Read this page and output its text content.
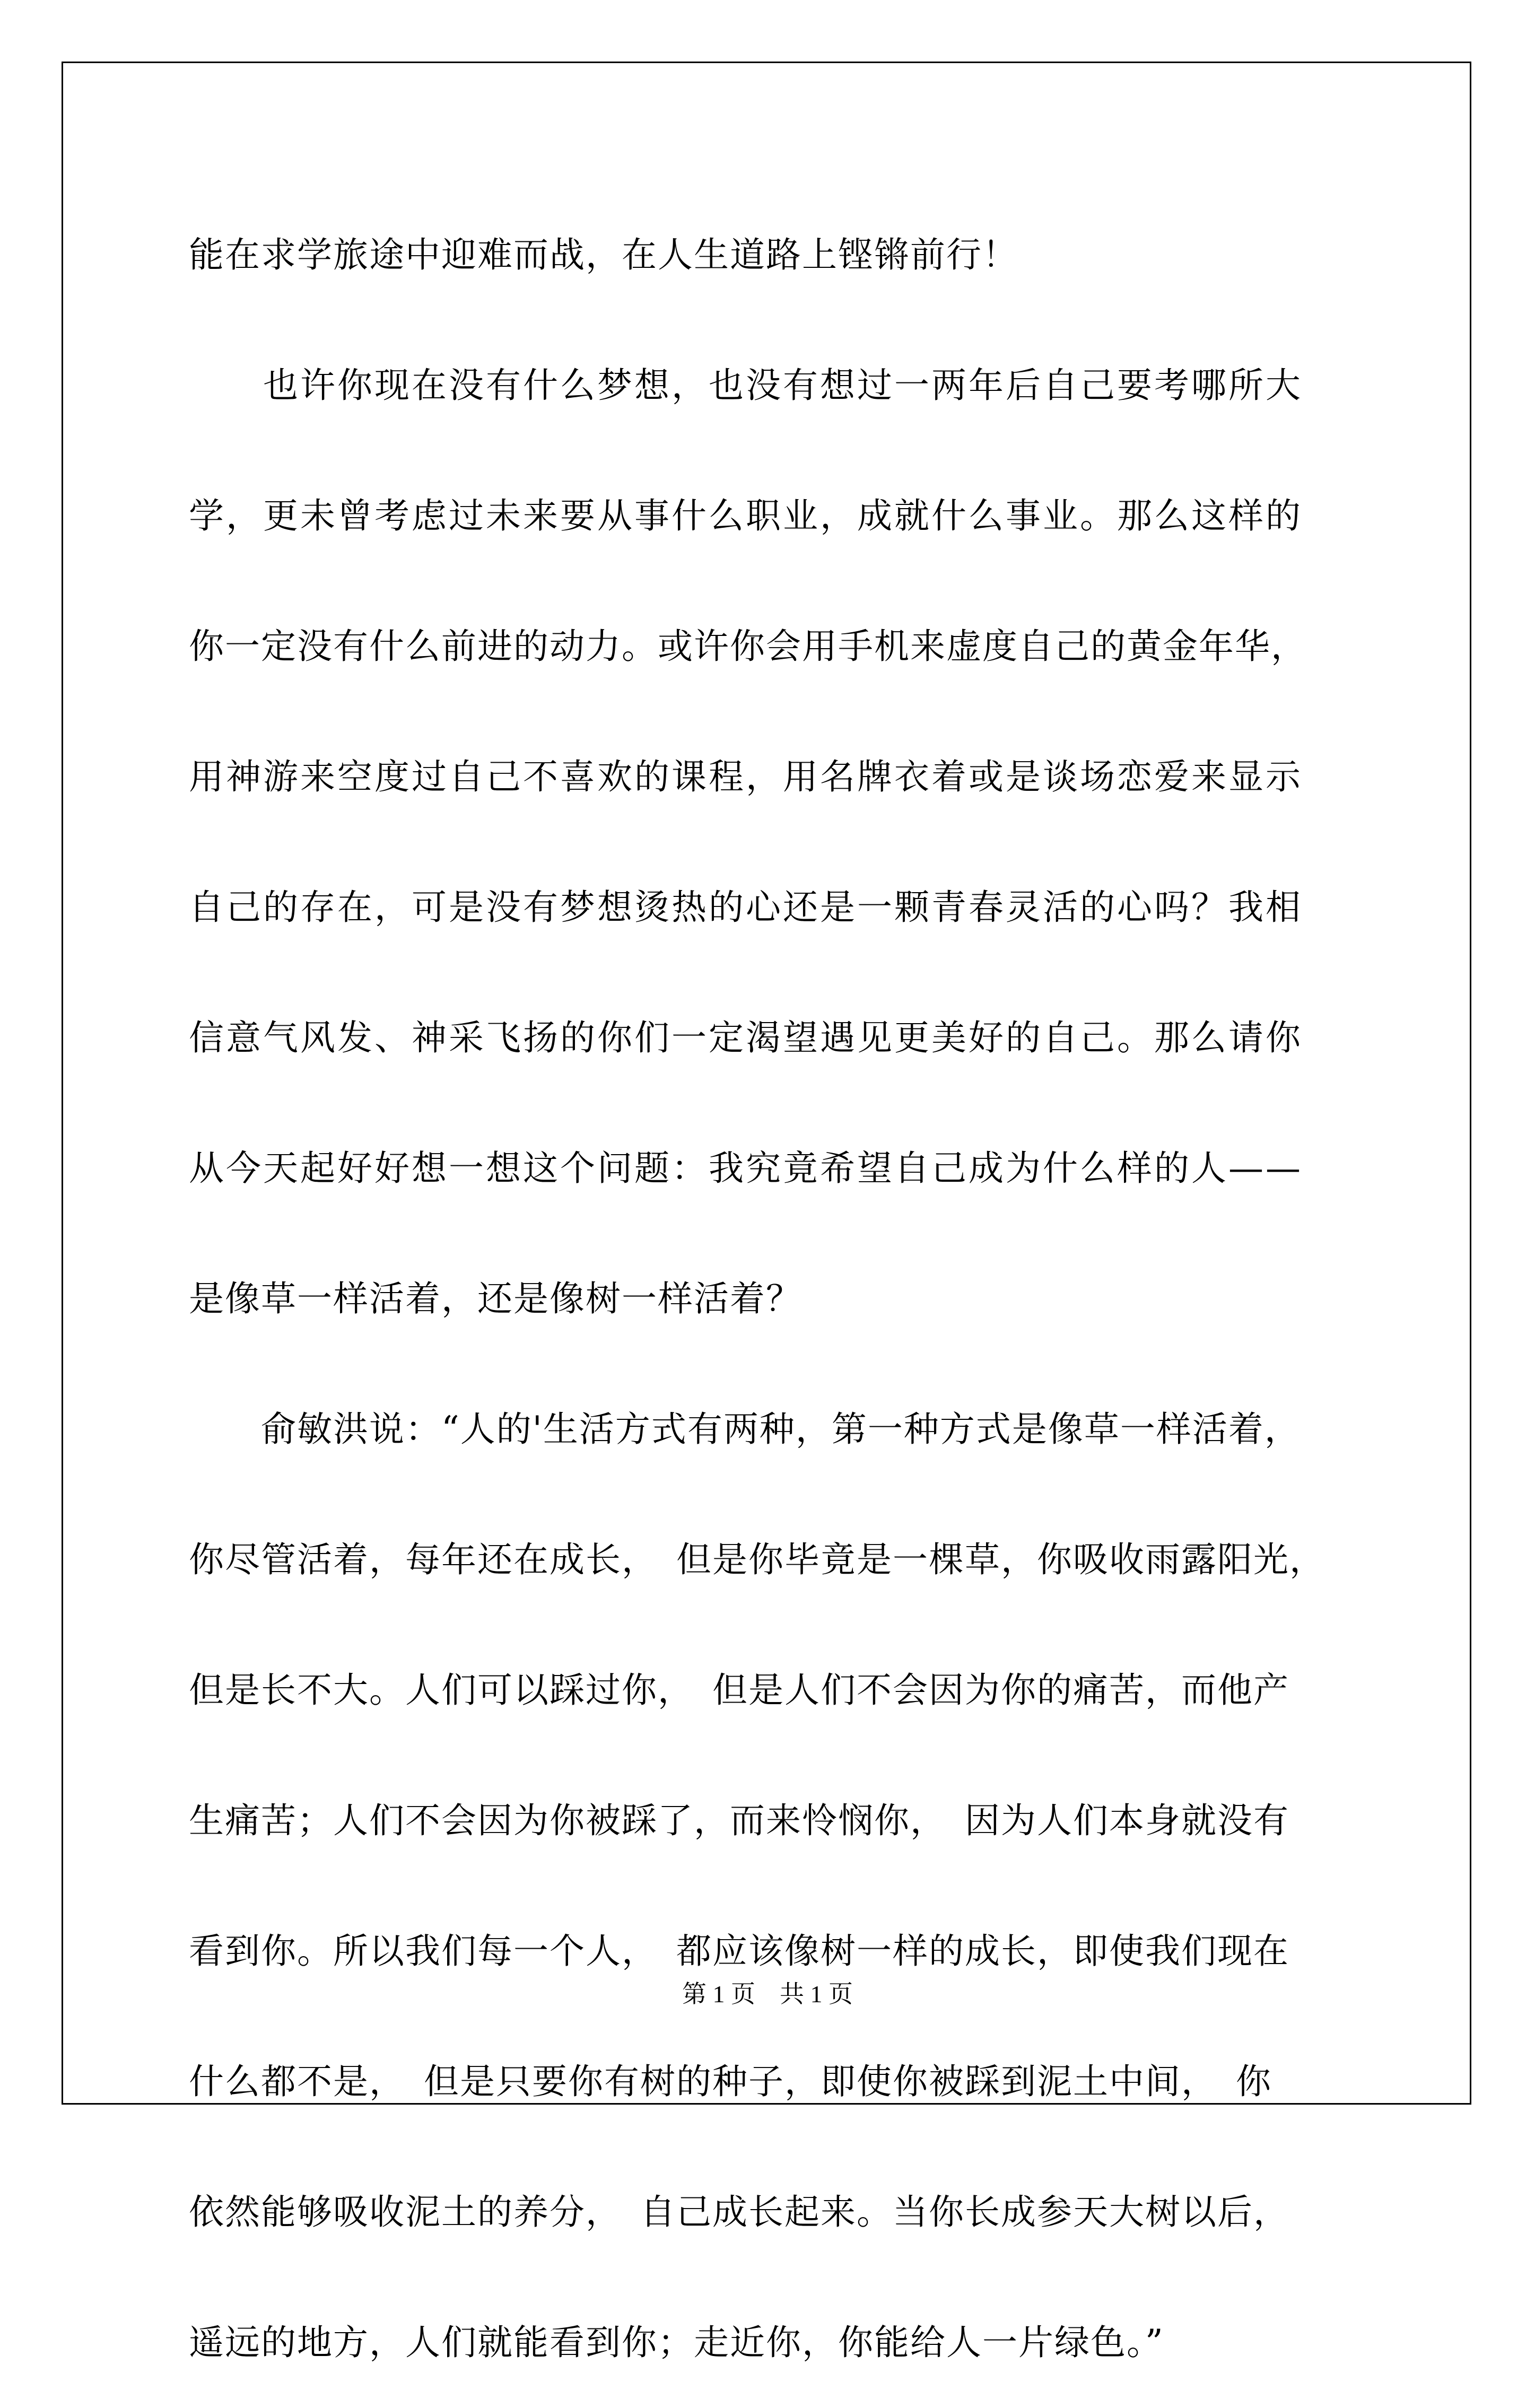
能在求学旅途中迎难而战，在人生道路上铿锵前行！
　　也许你现在没有什么梦想，也没有想过一两年后自己要考哪所大
学，更未曾考虑过未来要从事什么职业，成就什么事业。那么这样的
你一定没有什么前进的动力。或许你会用手机来虚度自己的黄金年华，
用神游来空度过自己不喜欢的课程，用名牌衣着或是谈场恋爱来显示
自己的存在，可是没有梦想烫热的心还是一颗青春灵活的心吗？我相
信意气风发、神采飞扬的你们一定渴望遇见更美好的自己。那么请你
从今天起好好想一想这个问题：我究竟希望自己成为什么样的人——
是像草一样活着，还是像树一样活着？
　　俞敏洪说：“人的'生活方式有两种，第一种方式是像草一样活着，
你尽管活着，每年还在成长，　但是你毕竟是一棵草，你吸收雨露阳光，
但是长不大。人们可以踩过你，　但是人们不会因为你的痛苦，而他产
生痛苦；人们不会因为你被踩了，而来怜悯你，　因为人们本身就没有
看到你。所以我们每一个人，　都应该像树一样的成长，即使我们现在
什么都不是，　但是只要你有树的种子，即使你被踩到泥土中间，　你
依然能够吸收泥土的养分，　自己成长起来。当你长成参天大树以后，
遥远的地方，人们就能看到你；走近你，你能给人一片绿色。”
第 1 页　共 1 页
